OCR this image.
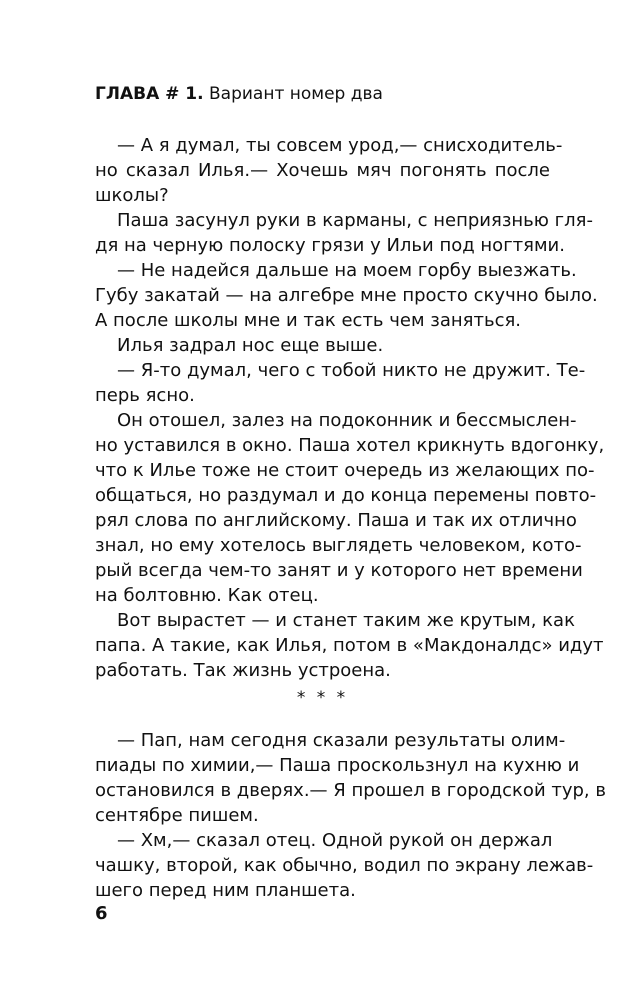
ГЛАВА # 1. Вариант номер два
— А я думал, ты совсем урод,— снисходитель-
но сказал Илья.— Хочешь мяч погонять после
школы?
Паша засунул руки в карманы, с неприязнью гля-
дя на черную полоску грязи у Ильи под ногтями.
— Не надейся дальше на моем горбу выезжать.
Губу закатай — на алгебре мне просто скучно было.
А после школы мне и так есть чем заняться.
Илья задрал нос еще выше.
— Я-то думал, чего с тобой никто не дружит. Те-
перь ясно.
Он отошел, залез на подоконник и бессмыслен-
но уставился в окно. Паша хотел крикнуть вдогонку,
что к Илье тоже не стоит очередь из желающих по-
общаться, но раздумал и до конца перемены повто-
рял слова по английскому. Паша и так их отлично
знал, но ему хотелось выглядеть человеком, кото-
рый всегда чем-то занят и у которого нет времени
на болтовню. Как отец.
Вот вырастет — и станет таким же крутым, как
папа. А такие, как Илья, потом в «Макдоналдс» идут
работать. Так жизнь устроена.
* * *
— Пап, нам сегодня сказали результаты олим-
пиады по химии,— Паша проскользнул на кухню и
остановился в дверях.— Я прошел в городской тур, в
сентябре пишем.
— Хм,— сказал отец. Одной рукой он держал
чашку, второй, как обычно, водил по экрану лежав-
шего перед ним планшета.
6
